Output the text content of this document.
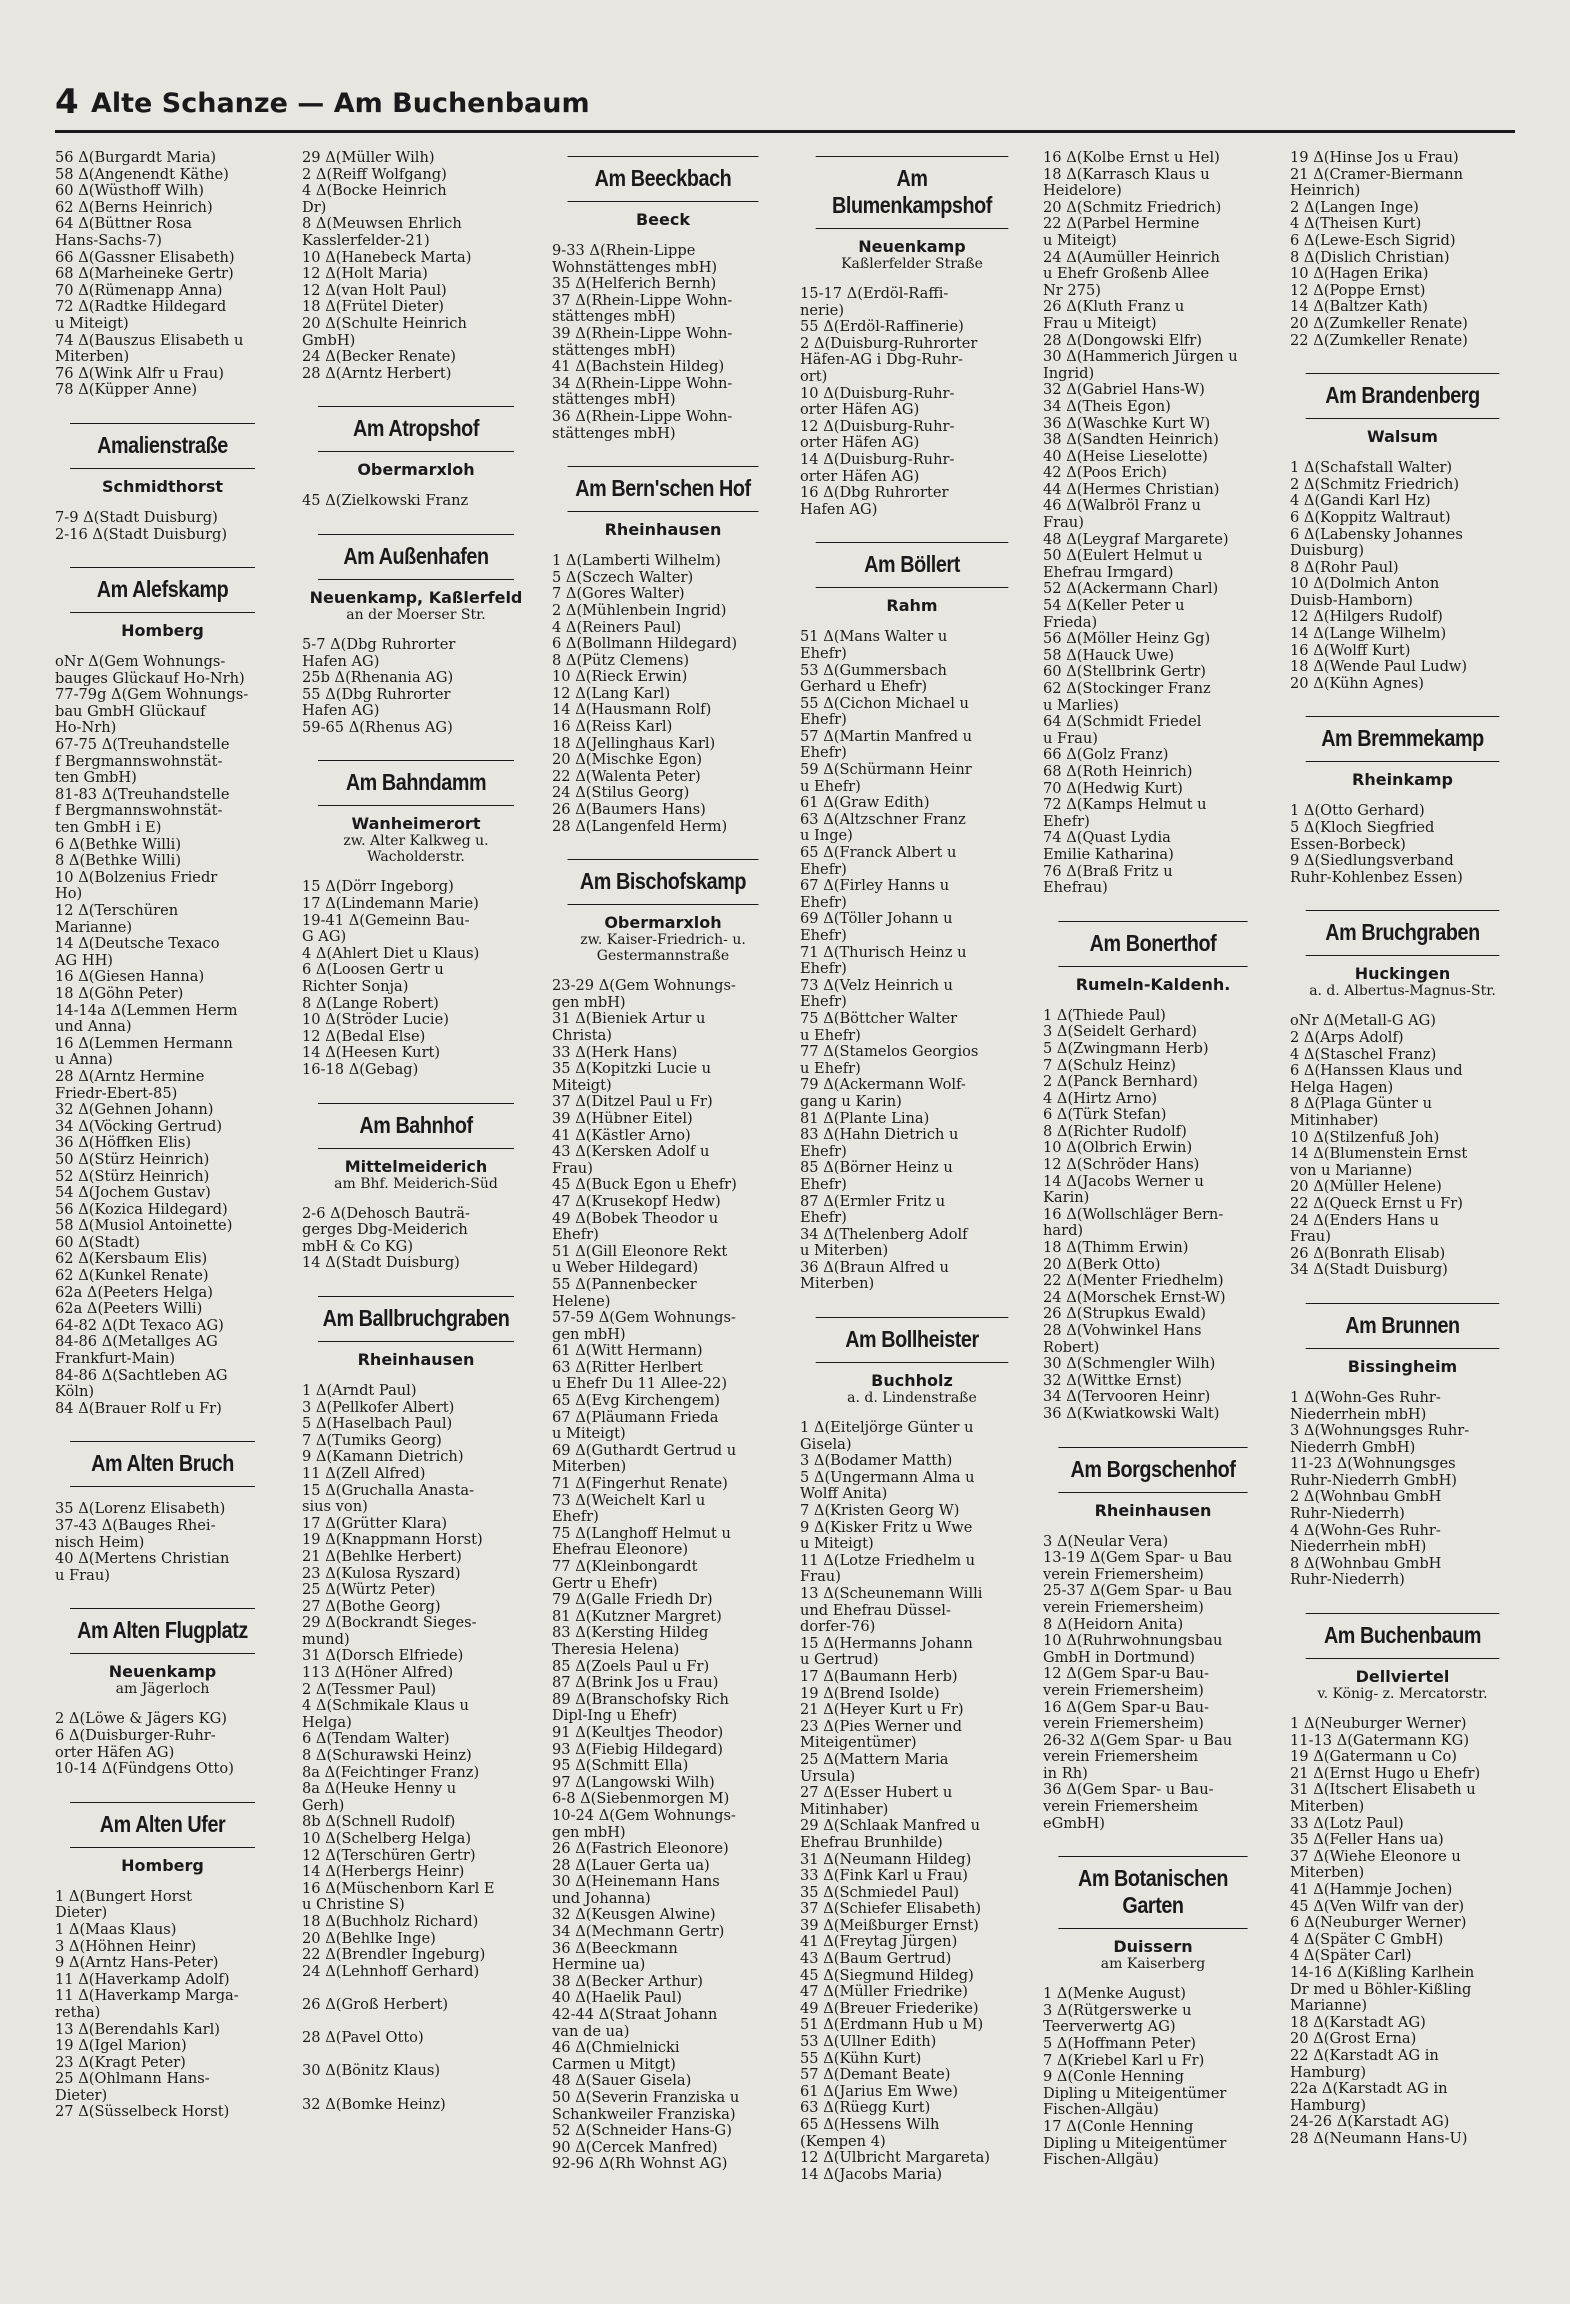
4 Alte Schanze — Am Buchenbaum
56 Δ(Burgardt Maria)
58 Δ(Angenendt Käthe)
60 Δ(Wüsthoff Wilh)
62 Δ(Berns Heinrich)
64 Δ(Büttner Rosa
Hans-Sachs-7)
66 Δ(Gassner Elisabeth)
68 Δ(Marheineke Gertr)
70 Δ(Rümenapp Anna)
72 Δ(Radtke Hildegard
u Miteigt)
74 Δ(Bauszus Elisabeth u
Miterben)
76 Δ(Wink Alfr u Frau)
78 Δ(Küpper Anne)
Amalienstraße
Schmidthorst
7-9 Δ(Stadt Duisburg)
2-16 Δ(Stadt Duisburg)
Am Alefskamp
Homberg
oNr Δ(Gem Wohnungs-
bauges Glückauf Ho-Nrh)
77-79g Δ(Gem Wohnungs-
bau GmbH Glückauf
Ho-Nrh)
67-75 Δ(Treuhandstelle
f Bergmannswohnstät-
ten GmbH)
81-83 Δ(Treuhandstelle
f Bergmannswohnstät-
ten GmbH i E)
6 Δ(Bethke Willi)
8 Δ(Bethke Willi)
10 Δ(Bolzenius Friedr
Ho)
12 Δ(Terschüren
Marianne)
14 Δ(Deutsche Texaco
AG HH)
16 Δ(Giesen Hanna)
18 Δ(Göhn Peter)
14-14a Δ(Lemmen Herm
und Anna)
16 Δ(Lemmen Hermann
u Anna)
28 Δ(Arntz Hermine
Friedr-Ebert-85)
32 Δ(Gehnen Johann)
34 Δ(Vöcking Gertrud)
36 Δ(Höffken Elis)
50 Δ(Stürz Heinrich)
52 Δ(Stürz Heinrich)
54 Δ(Jochem Gustav)
56 Δ(Kozica Hildegard)
58 Δ(Musiol Antoinette)
60 Δ(Stadt)
62 Δ(Kersbaum Elis)
62 Δ(Kunkel Renate)
62a Δ(Peeters Helga)
62a Δ(Peeters Willi)
64-82 Δ(Dt Texaco AG)
84-86 Δ(Metallges AG
Frankfurt-Main)
84-86 Δ(Sachtleben AG
Köln)
84 Δ(Brauer Rolf u Fr)
Am Alten Bruch
35 Δ(Lorenz Elisabeth)
37-43 Δ(Bauges Rhei-
nisch Heim)
40 Δ(Mertens Christian
u Frau)
Am Alten Flugplatz
Neuenkamp
am Jägerloch
2 Δ(Löwe & Jägers KG)
6 Δ(Duisburger-Ruhr-
orter Häfen AG)
10-14 Δ(Fündgens Otto)
Am Alten Ufer
Homberg
1 Δ(Bungert Horst
Dieter)
1 Δ(Maas Klaus)
3 Δ(Höhnen Heinr)
9 Δ(Arntz Hans-Peter)
11 Δ(Haverkamp Adolf)
11 Δ(Haverkamp Marga-
retha)
13 Δ(Berendahls Karl)
19 Δ(Igel Marion)
23 Δ(Kragt Peter)
25 Δ(Ohlmann Hans-
Dieter)
27 Δ(Süsselbeck Horst)
29 Δ(Müller Wilh)
2 Δ(Reiff Wolfgang)
4 Δ(Bocke Heinrich
Dr)
8 Δ(Meuwsen Ehrlich
Kasslerfelder-21)
10 Δ(Hanebeck Marta)
12 Δ(Holt Maria)
12 Δ(van Holt Paul)
18 Δ(Frütel Dieter)
20 Δ(Schulte Heinrich
GmbH)
24 Δ(Becker Renate)
28 Δ(Arntz Herbert)
Am Atropshof
Obermarxloh
45 Δ(Zielkowski Franz
Am Außenhafen
Neuenkamp, Kaßlerfeld
an der Moerser Str.
5-7 Δ(Dbg Ruhrorter
Hafen AG)
25b Δ(Rhenania AG)
55 Δ(Dbg Ruhrorter
Hafen AG)
59-65 Δ(Rhenus AG)
Am Bahndamm
Wanheimerort
zw. Alter Kalkweg u. Wacholderstr.
15 Δ(Dörr Ingeborg)
17 Δ(Lindemann Marie)
19-41 Δ(Gemeinn Bau-
G AG)
4 Δ(Ahlert Diet u Klaus)
6 Δ(Loosen Gertr u
Richter Sonja)
8 Δ(Lange Robert)
10 Δ(Ströder Lucie)
12 Δ(Bedal Else)
14 Δ(Heesen Kurt)
16-18 Δ(Gebag)
Am Bahnhof
Mittelmeiderich
am Bhf. Meiderich-Süd
2-6 Δ(Dehosch Bauträ-
gerges Dbg-Meiderich
mbH & Co KG)
14 Δ(Stadt Duisburg)
Am Ballbruchgraben
Rheinhausen
1 Δ(Arndt Paul)
3 Δ(Pellkofer Albert)
5 Δ(Haselbach Paul)
7 Δ(Tumiks Georg)
9 Δ(Kamann Dietrich)
11 Δ(Zell Alfred)
15 Δ(Gruchalla Anasta-
sius von)
17 Δ(Grütter Klara)
19 Δ(Knappmann Horst)
21 Δ(Behlke Herbert)
23 Δ(Kulosa Ryszard)
25 Δ(Würtz Peter)
27 Δ(Bothe Georg)
29 Δ(Bockrandt Sieges-
mund)
31 Δ(Dorsch Elfriede)
113 Δ(Höner Alfred)
2 Δ(Tessmer Paul)
4 Δ(Schmikale Klaus u
Helga)
6 Δ(Tendam Walter)
8 Δ(Schurawski Heinz)
8a Δ(Feichtinger Franz)
8a Δ(Heuke Henny u
Gerh)
8b Δ(Schnell Rudolf)
10 Δ(Schelberg Helga)
12 Δ(Terschüren Gertr)
14 Δ(Herbergs Heinr)
16 Δ(Müschenborn Karl E
u Christine S)
18 Δ(Buchholz Richard)
20 Δ(Behlke Inge)
22 Δ(Brendler Ingeburg)
24 Δ(Lehnhoff Gerhard)

26 Δ(Groß Herbert)

28 Δ(Pavel Otto)

30 Δ(Bönitz Klaus)

32 Δ(Bomke Heinz)
Am Beeckbach
Beeck
9-33 Δ(Rhein-Lippe
Wohnstättenges mbH)
35 Δ(Helferich Bernh)
37 Δ(Rhein-Lippe Wohn-
stättenges mbH)
39 Δ(Rhein-Lippe Wohn-
stättenges mbH)
41 Δ(Bachstein Hildeg)
34 Δ(Rhein-Lippe Wohn-
stättenges mbH)
36 Δ(Rhein-Lippe Wohn-
stättenges mbH)
Am Bern'schen Hof
Rheinhausen
1 Δ(Lamberti Wilhelm)
5 Δ(Sczech Walter)
7 Δ(Gores Walter)
2 Δ(Mühlenbein Ingrid)
4 Δ(Reiners Paul)
6 Δ(Bollmann Hildegard)
8 Δ(Pütz Clemens)
10 Δ(Rieck Erwin)
12 Δ(Lang Karl)
14 Δ(Hausmann Rolf)
16 Δ(Reiss Karl)
18 Δ(Jellinghaus Karl)
20 Δ(Mischke Egon)
22 Δ(Walenta Peter)
24 Δ(Stilus Georg)
26 Δ(Baumers Hans)
28 Δ(Langenfeld Herm)
Am Bischofskamp
Obermarxloh
zw. Kaiser-Friedrich- u. Gestermannstraße
23-29 Δ(Gem Wohnungs-
gen mbH)
31 Δ(Bieniek Artur u
Christa)
33 Δ(Herk Hans)
35 Δ(Kopitzki Lucie u
Miteigt)
37 Δ(Ditzel Paul u Fr)
39 Δ(Hübner Eitel)
41 Δ(Kästler Arno)
43 Δ(Kersken Adolf u
Frau)
45 Δ(Buck Egon u Ehefr)
47 Δ(Krusekopf Hedw)
49 Δ(Bobek Theodor u
Ehefr)
51 Δ(Gill Eleonore Rekt
u Weber Hildegard)
55 Δ(Pannenbecker
Helene)
57-59 Δ(Gem Wohnungs-
gen mbH)
61 Δ(Witt Hermann)
63 Δ(Ritter Herlbert
u Ehefr Du 11 Allee-22)
65 Δ(Evg Kirchengem)
67 Δ(Pläumann Frieda
u Miteigt)
69 Δ(Guthardt Gertrud u
Miterben)
71 Δ(Fingerhut Renate)
73 Δ(Weichelt Karl u
Ehefr)
75 Δ(Langhoff Helmut u
Ehefrau Eleonore)
77 Δ(Kleinbongardt
Gertr u Ehefr)
79 Δ(Galle Friedh Dr)
81 Δ(Kutzner Margret)
83 Δ(Kersting Hildeg
Theresia Helena)
85 Δ(Zoels Paul u Fr)
87 Δ(Brink Jos u Frau)
89 Δ(Branschofsky Rich
Dipl-Ing u Ehefr)
91 Δ(Keultjes Theodor)
93 Δ(Fiebig Hildegard)
95 Δ(Schmitt Ella)
97 Δ(Langowski Wilh)
6-8 Δ(Siebenmorgen M)
10-24 Δ(Gem Wohnungs-
gen mbH)
26 Δ(Fastrich Eleonore)
28 Δ(Lauer Gerta ua)
30 Δ(Heinemann Hans
und Johanna)
32 Δ(Keusgen Alwine)
34 Δ(Mechmann Gertr)
36 Δ(Beeckmann
Hermine ua)
38 Δ(Becker Arthur)
40 Δ(Haelik Paul)
42-44 Δ(Straat Johann
van de ua)
46 Δ(Chmielnicki
Carmen u Mitgt)
48 Δ(Sauer Gisela)
50 Δ(Severin Franziska u
Schankweiler Franziska)
52 Δ(Schneider Hans-G)
90 Δ(Cercek Manfred)
92-96 Δ(Rh Wohnst AG)
Am Blumenkampshof
Neuenkamp
Kaßlerfelder Straße
15-17 Δ(Erdöl-Raffi-
nerie)
55 Δ(Erdöl-Raffinerie)
2 Δ(Duisburg-Ruhrorter
Häfen-AG i Dbg-Ruhr-
ort)
10 Δ(Duisburg-Ruhr-
orter Häfen AG)
12 Δ(Duisburg-Ruhr-
orter Häfen AG)
14 Δ(Duisburg-Ruhr-
orter Häfen AG)
16 Δ(Dbg Ruhrorter
Hafen AG)
Am Böllert
Rahm
51 Δ(Mans Walter u
Ehefr)
53 Δ(Gummersbach
Gerhard u Ehefr)
55 Δ(Cichon Michael u
Ehefr)
57 Δ(Martin Manfred u
Ehefr)
59 Δ(Schürmann Heinr
u Ehefr)
61 Δ(Graw Edith)
63 Δ(Altzschner Franz
u Inge)
65 Δ(Franck Albert u
Ehefr)
67 Δ(Firley Hanns u
Ehefr)
69 Δ(Töller Johann u
Ehefr)
71 Δ(Thurisch Heinz u
Ehefr)
73 Δ(Velz Heinrich u
Ehefr)
75 Δ(Böttcher Walter
u Ehefr)
77 Δ(Stamelos Georgios
u Ehefr)
79 Δ(Ackermann Wolf-
gang u Karin)
81 Δ(Plante Lina)
83 Δ(Hahn Dietrich u
Ehefr)
85 Δ(Börner Heinz u
Ehefr)
87 Δ(Ermler Fritz u
Ehefr)
34 Δ(Thelenberg Adolf
u Miterben)
36 Δ(Braun Alfred u
Miterben)
Am Bollheister
Buchholz
a. d. Lindenstraße
1 Δ(Eiteljörge Günter u
Gisela)
3 Δ(Bodamer Matth)
5 Δ(Ungermann Alma u
Wolff Anita)
7 Δ(Kristen Georg W)
9 Δ(Kisker Fritz u Wwe
u Miteigt)
11 Δ(Lotze Friedhelm u
Frau)
13 Δ(Scheunemann Willi
und Ehefrau Düssel-
dorfer-76)
15 Δ(Hermanns Johann
u Gertrud)
17 Δ(Baumann Herb)
19 Δ(Brend Isolde)
21 Δ(Heyer Kurt u Fr)
23 Δ(Pies Werner und
Miteigentümer)
25 Δ(Mattern Maria
Ursula)
27 Δ(Esser Hubert u
Mitinhaber)
29 Δ(Schlaak Manfred u
Ehefrau Brunhilde)
31 Δ(Neumann Hildeg)
33 Δ(Fink Karl u Frau)
35 Δ(Schmiedel Paul)
37 Δ(Schiefer Elisabeth)
39 Δ(Meißburger Ernst)
41 Δ(Freytag Jürgen)
43 Δ(Baum Gertrud)
45 Δ(Siegmund Hildeg)
47 Δ(Müller Friedrike)
49 Δ(Breuer Friederike)
51 Δ(Erdmann Hub u M)
53 Δ(Ullner Edith)
55 Δ(Kühn Kurt)
57 Δ(Demant Beate)
61 Δ(Jarius Em Wwe)
63 Δ(Rüegg Kurt)
65 Δ(Hessens Wilh
(Kempen 4)
12 Δ(Ulbricht Margareta)
14 Δ(Jacobs Maria)
16 Δ(Kolbe Ernst u Hel)
18 Δ(Karrasch Klaus u
Heidelore)
20 Δ(Schmitz Friedrich)
22 Δ(Parbel Hermine
u Miteigt)
24 Δ(Aumüller Heinrich
u Ehefr Großenb Allee
Nr 275)
26 Δ(Kluth Franz u
Frau u Miteigt)
28 Δ(Dongowski Elfr)
30 Δ(Hammerich Jürgen u
Ingrid)
32 Δ(Gabriel Hans-W)
34 Δ(Theis Egon)
36 Δ(Waschke Kurt W)
38 Δ(Sandten Heinrich)
40 Δ(Heise Lieselotte)
42 Δ(Poos Erich)
44 Δ(Hermes Christian)
46 Δ(Walbröl Franz u
Frau)
48 Δ(Leygraf Margarete)
50 Δ(Eulert Helmut u
Ehefrau Irmgard)
52 Δ(Ackermann Charl)
54 Δ(Keller Peter u
Frieda)
56 Δ(Möller Heinz Gg)
58 Δ(Hauck Uwe)
60 Δ(Stellbrink Gertr)
62 Δ(Stockinger Franz
u Marlies)
64 Δ(Schmidt Friedel
u Frau)
66 Δ(Golz Franz)
68 Δ(Roth Heinrich)
70 Δ(Hedwig Kurt)
72 Δ(Kamps Helmut u
Ehefr)
74 Δ(Quast Lydia
Emilie Katharina)
76 Δ(Braß Fritz u
Ehefrau)
Am Bonerthof
Rumeln-Kaldenh.
1 Δ(Thiede Paul)
3 Δ(Seidelt Gerhard)
5 Δ(Zwingmann Herb)
7 Δ(Schulz Heinz)
2 Δ(Panck Bernhard)
4 Δ(Hirtz Arno)
6 Δ(Türk Stefan)
8 Δ(Richter Rudolf)
10 Δ(Olbrich Erwin)
12 Δ(Schröder Hans)
14 Δ(Jacobs Werner u
Karin)
16 Δ(Wollschläger Bern-
hard)
18 Δ(Thimm Erwin)
20 Δ(Berk Otto)
22 Δ(Menter Friedhelm)
24 Δ(Morschek Ernst-W)
26 Δ(Strupkus Ewald)
28 Δ(Vohwinkel Hans
Robert)
30 Δ(Schmengler Wilh)
32 Δ(Wittke Ernst)
34 Δ(Tervooren Heinr)
36 Δ(Kwiatkowski Walt)
Am Borgschenhof
Rheinhausen
3 Δ(Neular Vera)
13-19 Δ(Gem Spar- u Bau
verein Friemersheim)
25-37 Δ(Gem Spar- u Bau
verein Friemersheim)
8 Δ(Heidorn Anita)
10 Δ(Ruhrwohnungsbau
GmbH in Dortmund)
12 Δ(Gem Spar-u Bau-
verein Friemersheim)
16 Δ(Gem Spar-u Bau-
verein Friemersheim)
26-32 Δ(Gem Spar- u Bau
verein Friemersheim
in Rh)
36 Δ(Gem Spar- u Bau-
verein Friemersheim
eGmbH)
Am Botanischen Garten
Duissern
am Kaiserberg
1 Δ(Menke August)
3 Δ(Rütgerswerke u
Teerverwertg AG)
5 Δ(Hoffmann Peter)
7 Δ(Kriebel Karl u Fr)
9 Δ(Conle Henning
Dipling u Miteigentümer
Fischen-Allgäu)
17 Δ(Conle Henning
Dipling u Miteigentümer
Fischen-Allgäu)
19 Δ(Hinse Jos u Frau)
21 Δ(Cramer-Biermann
Heinrich)
2 Δ(Langen Inge)
4 Δ(Theisen Kurt)
6 Δ(Lewe-Esch Sigrid)
8 Δ(Dislich Christian)
10 Δ(Hagen Erika)
12 Δ(Poppe Ernst)
14 Δ(Baltzer Kath)
20 Δ(Zumkeller Renate)
22 Δ(Zumkeller Renate)
Am Brandenberg
Walsum
1 Δ(Schafstall Walter)
2 Δ(Schmitz Friedrich)
4 Δ(Gandi Karl Hz)
6 Δ(Koppitz Waltraut)
6 Δ(Labensky Johannes
Duisburg)
8 Δ(Rohr Paul)
10 Δ(Dolmich Anton
Duisb-Hamborn)
12 Δ(Hilgers Rudolf)
14 Δ(Lange Wilhelm)
16 Δ(Wolff Kurt)
18 Δ(Wende Paul Ludw)
20 Δ(Kühn Agnes)
Am Bremmekamp
Rheinkamp
1 Δ(Otto Gerhard)
5 Δ(Kloch Siegfried
Essen-Borbeck)
9 Δ(Siedlungsverband
Ruhr-Kohlenbez Essen)
Am Bruchgraben
Huckingen
a. d. Albertus-Magnus-Str.
oNr Δ(Metall-G AG)
2 Δ(Arps Adolf)
4 Δ(Staschel Franz)
6 Δ(Hanssen Klaus und
Helga Hagen)
8 Δ(Plaga Günter u
Mitinhaber)
10 Δ(Stilzenfuß Joh)
14 Δ(Blumenstein Ernst
von u Marianne)
20 Δ(Müller Helene)
22 Δ(Queck Ernst u Fr)
24 Δ(Enders Hans u
Frau)
26 Δ(Bonrath Elisab)
34 Δ(Stadt Duisburg)
Am Brunnen
Bissingheim
1 Δ(Wohn-Ges Ruhr-
Niederrhein mbH)
3 Δ(Wohnungsges Ruhr-
Niederrh GmbH)
11-23 Δ(Wohnungsges
Ruhr-Niederrh GmbH)
2 Δ(Wohnbau GmbH
Ruhr-Niederrh)
4 Δ(Wohn-Ges Ruhr-
Niederrhein mbH)
8 Δ(Wohnbau GmbH
Ruhr-Niederrh)
Am Buchenbaum
Dellviertel
v. König- z. Mercatorstr.
1 Δ(Neuburger Werner)
11-13 Δ(Gatermann KG)
19 Δ(Gatermann u Co)
21 Δ(Ernst Hugo u Ehefr)
31 Δ(Itschert Elisabeth u
Miterben)
33 Δ(Lotz Paul)
35 Δ(Feller Hans ua)
37 Δ(Wiehe Eleonore u
Miterben)
41 Δ(Hammje Jochen)
45 Δ(Ven Wilfr van der)
6 Δ(Neuburger Werner)
4 Δ(Später C GmbH)
4 Δ(Später Carl)
14-16 Δ(Kißling Karlhein
Dr med u Böhler-Kißling
Marianne)
18 Δ(Karstadt AG)
20 Δ(Grost Erna)
22 Δ(Karstadt AG in
Hamburg)
22a Δ(Karstadt AG in
Hamburg)
24-26 Δ(Karstadt AG)
28 Δ(Neumann Hans-U)
